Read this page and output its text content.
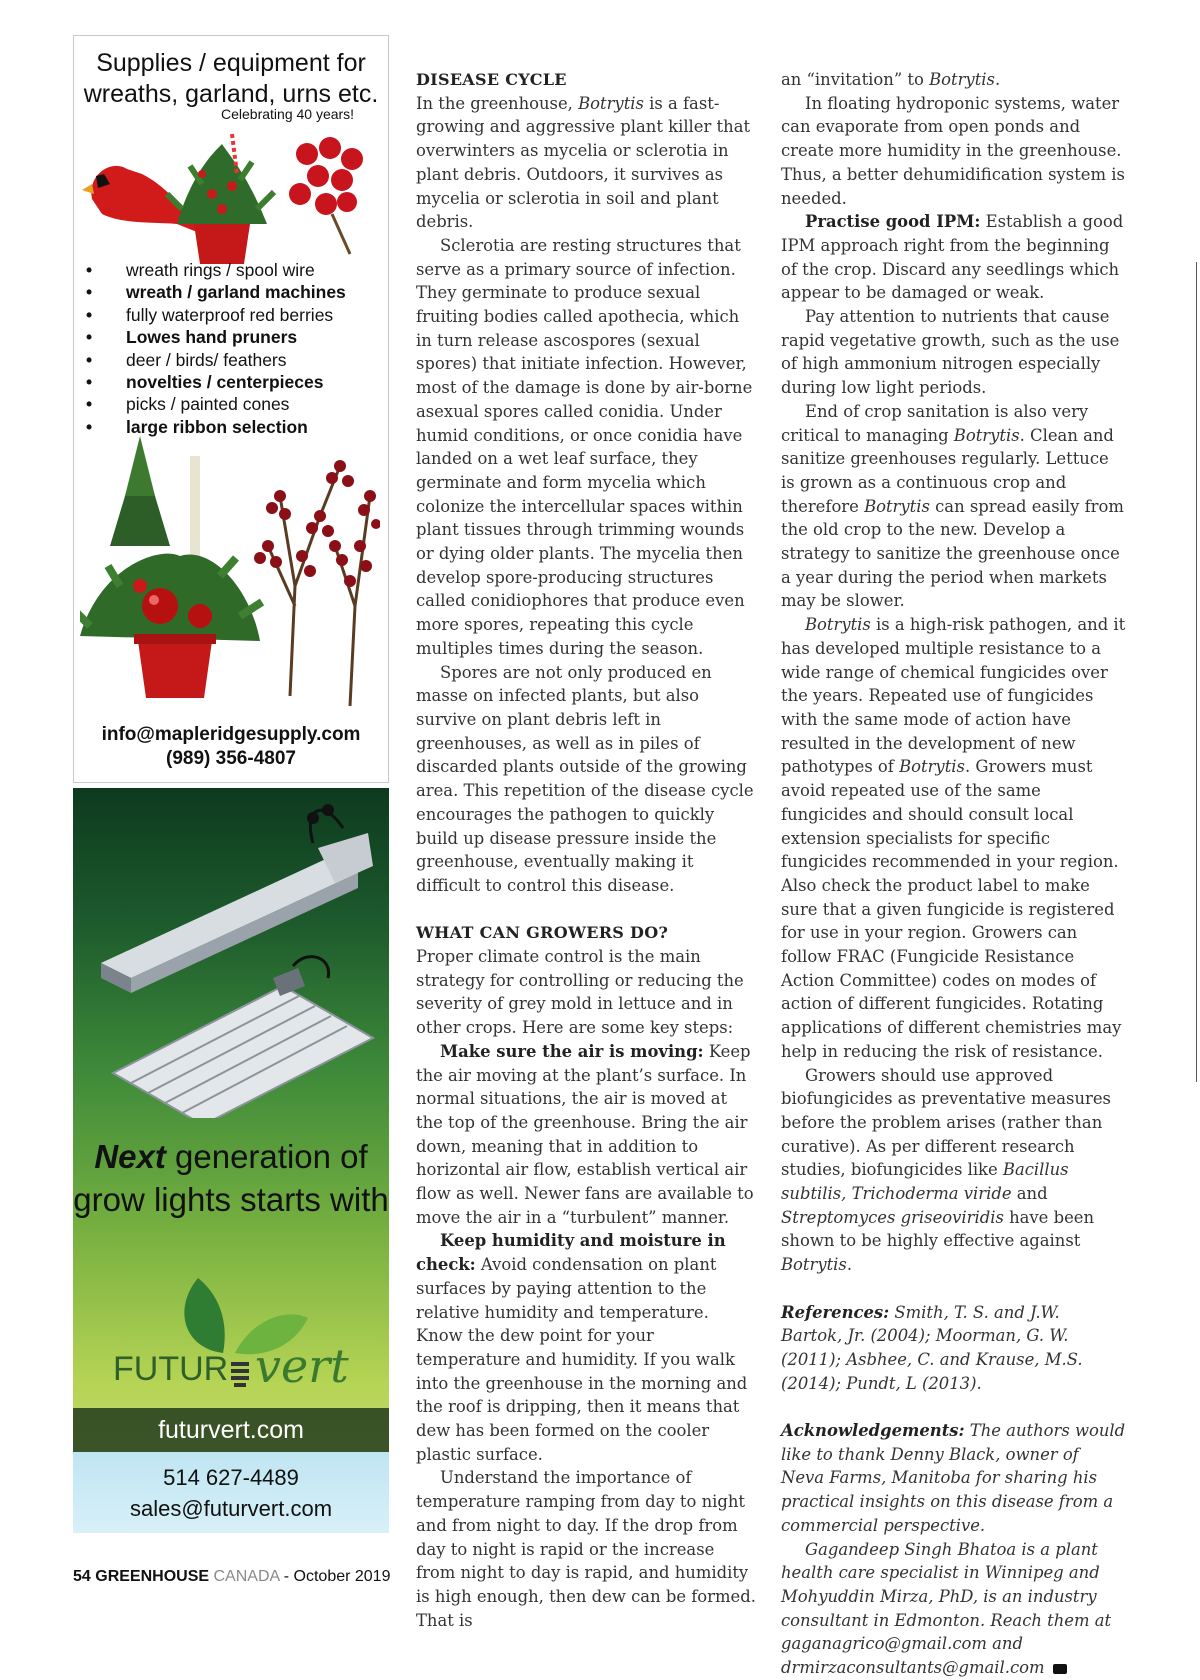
Supplies / equipment for wreaths, garland, urns etc.
Celebrating 40 years!
• wreath rings / spool wire
• wreath / garland machines
• fully waterproof red berries
• Lowes hand pruners
• deer / birds/ feathers
• novelties / centerpieces
• picks / painted cones
• large ribbon selection
info@mapleridgesupply.com
(989) 356-4807
Next generation of grow lights starts with
FUTUR vert
futurvert.com
514 627-4489
sales@futurvert.com

DISEASE CYCLE

In the greenhouse, Botrytis is a fast-growing and aggressive plant killer that overwinters as mycelia or sclerotia in plant debris. Outdoors, it survives as mycelia or sclerotia in soil and plant debris.

Sclerotia are resting structures that serve as a primary source of infection. They germinate to produce sexual fruiting bodies called apothecia, which in turn release ascospores (sexual spores) that initiate infection. However, most of the damage is done by air-borne asexual spores called conidia. Under humid conditions, or once conidia have landed on a wet leaf surface, they germinate and form mycelia which colonize the intercellular spaces within plant tissues through trimming wounds or dying older plants. The mycelia then develop spore-producing structures called conidiophores that produce even more spores, repeating this cycle multiples times during the season.

Spores are not only produced en masse on infected plants, but also survive on plant debris left in greenhouses, as well as in piles of discarded plants outside of the growing area. This repetition of the disease cycle encourages the pathogen to quickly build up disease pressure inside the greenhouse, eventually making it difficult to control this disease.

WHAT CAN GROWERS DO?

Proper climate control is the main strategy for controlling or reducing the severity of grey mold in lettuce and in other crops. Here are some key steps:

Make sure the air is moving: Keep the air moving at the plant’s surface. In normal situations, the air is moved at the top of the greenhouse. Bring the air down, meaning that in addition to horizontal air flow, establish vertical air flow as well. Newer fans are available to move the air in a “turbulent” manner.

Keep humidity and moisture in check: Avoid condensation on plant surfaces by paying attention to the relative humidity and temperature. Know the dew point for your temperature and humidity. If you walk into the greenhouse in the morning and the roof is dripping, then it means that dew has been formed on the cooler plastic surface.

Understand the importance of temperature ramping from day to night and from night to day. If the drop from day to night is rapid or the increase from night to day is rapid, and humidity is high enough, then dew can be formed. That is

an “invitation” to Botrytis.

In floating hydroponic systems, water can evaporate from open ponds and create more humidity in the greenhouse. Thus, a better dehumidification system is needed.

Practise good IPM: Establish a good IPM approach right from the beginning of the crop. Discard any seedlings which appear to be damaged or weak.

Pay attention to nutrients that cause rapid vegetative growth, such as the use of high ammonium nitrogen especially during low light periods.

End of crop sanitation is also very critical to managing Botrytis. Clean and sanitize greenhouses regularly. Lettuce is grown as a continuous crop and therefore Botrytis can spread easily from the old crop to the new. Develop a strategy to sanitize the greenhouse once a year during the period when markets may be slower.

Botrytis is a high-risk pathogen, and it has developed multiple resistance to a wide range of chemical fungicides over the years. Repeated use of fungicides with the same mode of action have resulted in the development of new pathotypes of Botrytis. Growers must avoid repeated use of the same fungicides and should consult local extension specialists for specific fungicides recommended in your region. Also check the product label to make sure that a given fungicide is registered for use in your region. Growers can follow FRAC (Fungicide Resistance Action Committee) codes on modes of action of different fungicides. Rotating applications of different chemistries may help in reducing the risk of resistance.

Growers should use approved biofungicides as preventative measures before the problem arises (rather than curative). As per different research studies, biofungicides like Bacillus subtilis, Trichoderma viride and Streptomyces griseoviridis have been shown to be highly effective against Botrytis.

References: Smith, T. S. and J.W. Bartok, Jr. (2004); Moorman, G. W. (2011); Asbhee, C. and Krause, M.S. (2014); Pundt, L (2013).

Acknowledgements: The authors would like to thank Denny Black, owner of Neva Farms, Manitoba for sharing his practical insights on this disease from a commercial perspective.

Gagandeep Singh Bhatoa is a plant health care specialist in Winnipeg and Mohyuddin Mirza, PhD, is an industry consultant in Edmonton. Reach them at gaganagrico@gmail.com and drmirzaconsultants@gmail.com	GC

54 GREENHOUSE CANADA - October 2019
